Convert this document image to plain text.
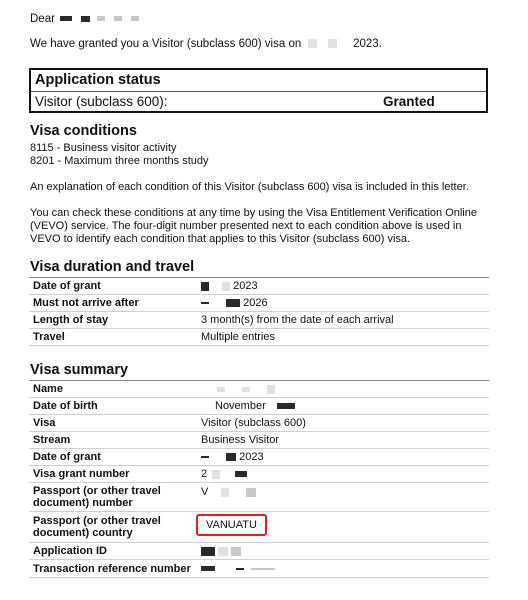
Dear
We have granted you a Visitor (subclass 600) visa on	2023.
Application status
Visitor (subclass 600):	Granted
Visa conditions
8115 - Business visitor activity
8201 - Maximum three months study
An explanation of each condition of this Visitor (subclass 600) visa is included in this letter.
You can check these conditions at any time by using the Visa Entitlement Verification Online
(VEVO) service. The four-digit number presented next to each condition above is used in
VEVO to identify each condition that applies to this Visitor (subclass 600) visa.
Visa duration and travel
Date of grant	2023
Must not arrive after	2026
Length of stay	3 month(s) from the date of each arrival
Travel	Multiple entries
Visa summary
Name	
Date of birth	November
Visa	Visitor (subclass 600)
Stream	Business Visitor
Date of grant	2023
Visa grant number	2
Passport (or other travel document) number	V
Passport (or other travel document) country	VANUATU
Application ID	
Transaction reference number	
